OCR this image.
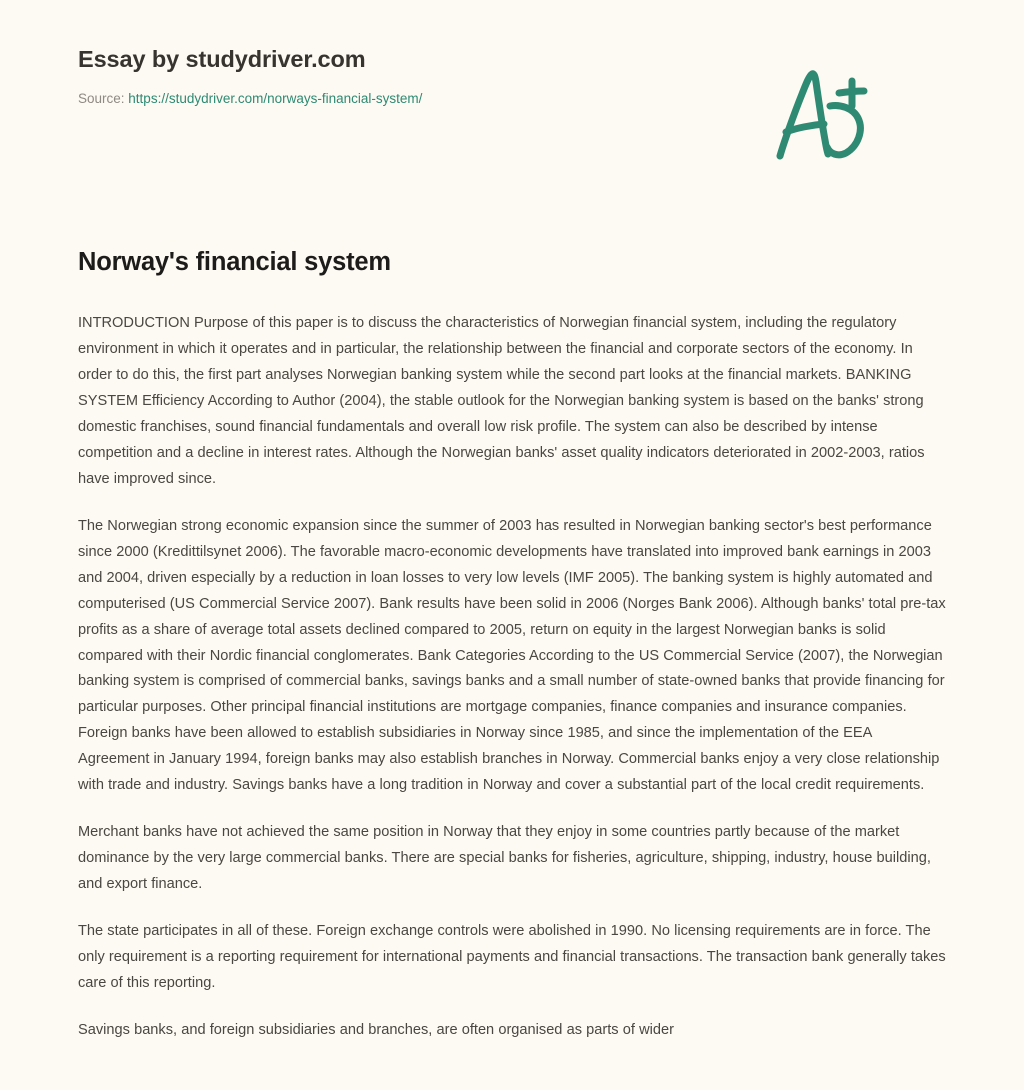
Essay by studydriver.com
Source: https://studydriver.com/norways-financial-system/
Norway's financial system

INTRODUCTION Purpose of this paper is to discuss the characteristics of Norwegian financial system, including the regulatory environment in which it operates and in particular, the relationship between the financial and corporate sectors of the economy. In order to do this, the first part analyses Norwegian banking system while the second part looks at the financial markets. BANKING SYSTEM Efficiency According to Author (2004), the stable outlook for the Norwegian banking system is based on the banks' strong domestic franchises, sound financial fundamentals and overall low risk profile. The system can also be described by intense competition and a decline in interest rates. Although the Norwegian banks' asset quality indicators deteriorated in 2002-2003, ratios have improved since.

The Norwegian strong economic expansion since the summer of 2003 has resulted in Norwegian banking sector's best performance since 2000 (Kredittilsynet 2006). The favorable macro-economic developments have translated into improved bank earnings in 2003 and 2004, driven especially by a reduction in loan losses to very low levels (IMF 2005). The banking system is highly automated and computerised (US Commercial Service 2007). Bank results have been solid in 2006 (Norges Bank 2006). Although banks' total pre-tax profits as a share of average total assets declined compared to 2005, return on equity in the largest Norwegian banks is solid compared with their Nordic financial conglomerates. Bank Categories According to the US Commercial Service (2007), the Norwegian banking system is comprised of commercial banks, savings banks and a small number of state-owned banks that provide financing for particular purposes. Other principal financial institutions are mortgage companies, finance companies and insurance companies. Foreign banks have been allowed to establish subsidiaries in Norway since 1985, and since the implementation of the EEA Agreement in January 1994, foreign banks may also establish branches in Norway. Commercial banks enjoy a very close relationship with trade and industry. Savings banks have a long tradition in Norway and cover a substantial part of the local credit requirements.

Merchant banks have not achieved the same position in Norway that they enjoy in some countries partly because of the market dominance by the very large commercial banks. There are special banks for fisheries, agriculture, shipping, industry, house building, and export finance.

The state participates in all of these. Foreign exchange controls were abolished in 1990. No licensing requirements are in force. The only requirement is a reporting requirement for international payments and financial transactions. The transaction bank generally takes care of this reporting.

Savings banks, and foreign subsidiaries and branches, are often organised as parts of wider
